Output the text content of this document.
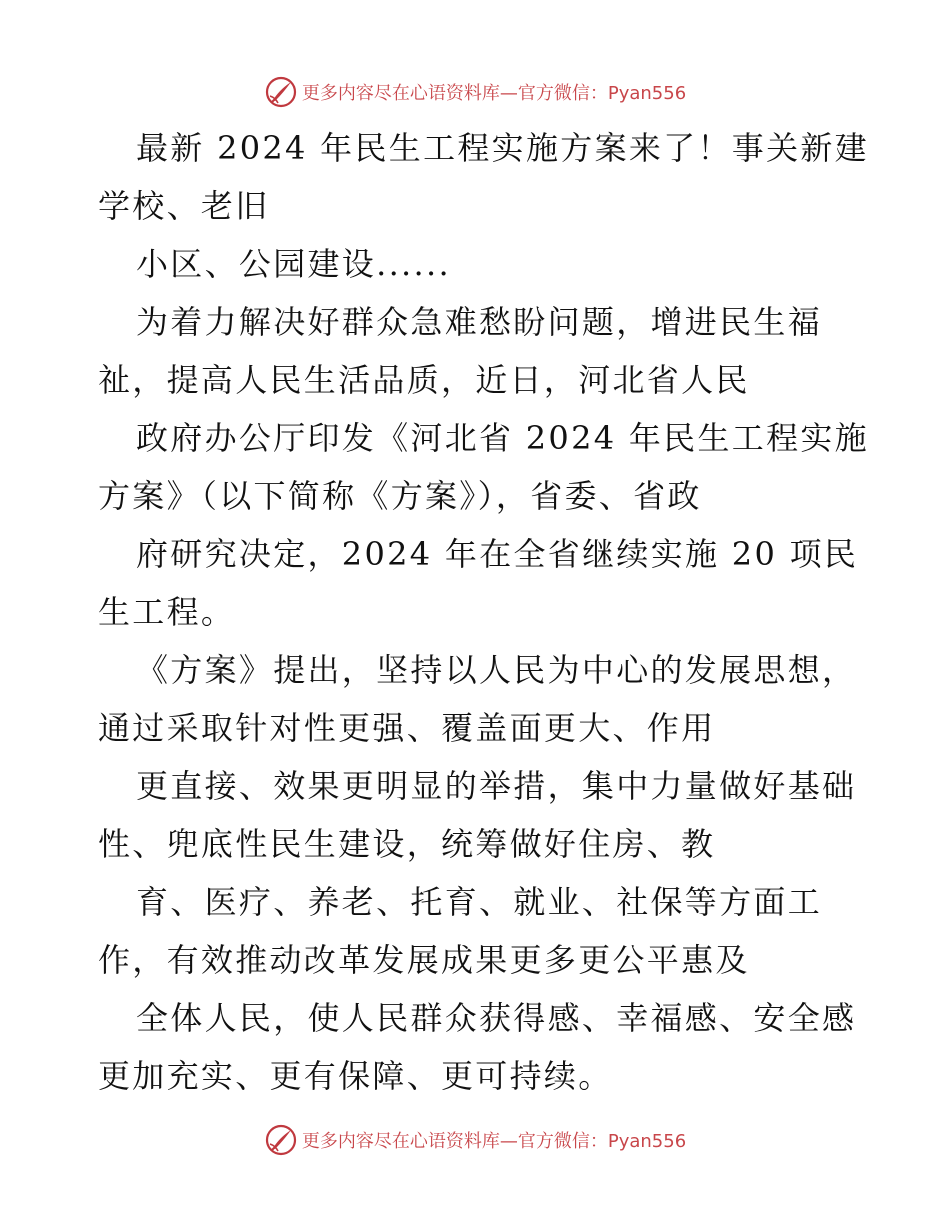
更多内容尽在心语资料库—官方微信：Pyan556
最新 2024 年民生工程实施方案来了！事关新建
学校、老旧
小区、公园建设......
为着力解决好群众急难愁盼问题，增进民生福
祉，提高人民生活品质，近日，河北省人民
政府办公厅印发《河北省 2024 年民生工程实施
方案》（以下简称《方案》），省委、省政
府研究决定，2024 年在全省继续实施 20 项民
生工程。
《方案》提出，坚持以人民为中心的发展思想，
通过采取针对性更强、覆盖面更大、作用
更直接、效果更明显的举措，集中力量做好基础
性、兜底性民生建设，统筹做好住房、教
育、医疗、养老、托育、就业、社保等方面工
作，有效推动改革发展成果更多更公平惠及
全体人民，使人民群众获得感、幸福感、安全感
更加充实、更有保障、更可持续。
更多内容尽在心语资料库—官方微信：Pyan556
